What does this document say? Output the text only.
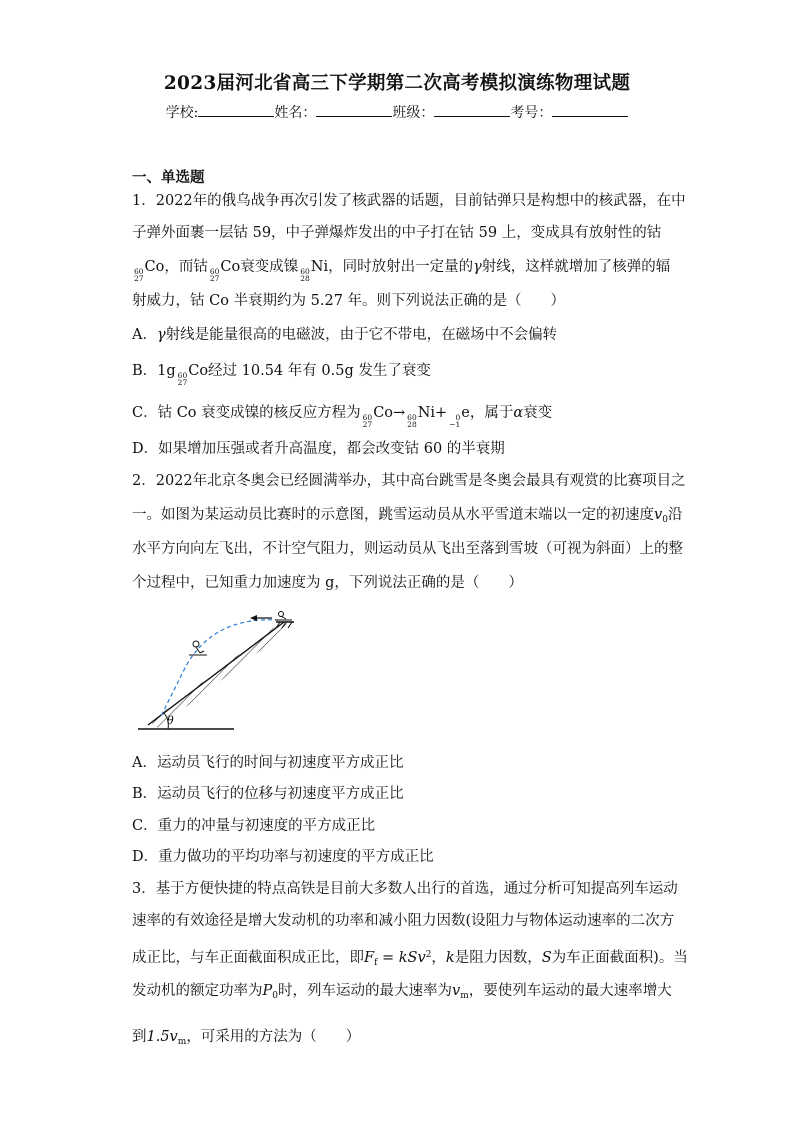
2023届河北省高三下学期第二次高考模拟演练物理试题
学校:	姓名：	班级：	考号：
一、单选题
1．2022年的俄乌战争再次引发了核武器的话题，目前钴弹只是构想中的核武器，在中
子弹外面裹一层钴 59，中子弹爆炸发出的中子打在钴 59 上，变成具有放射性的钴
60
27
Co，而钴 60
27
Co衰变成镍 60
28
Ni，同时放射出一定量的γ射线，这样就增加了核弹的辐
射威力，钴 Co 半衰期约为 5.27 年。则下列说法正确的是（　　）
A．γ射线是能量很高的电磁波，由于它不带电，在磁场中不会偏转
B．1g 60
27
Co经过 10.54 年有 0.5g 发生了衰变
C．钴 Co 衰变成镍的核反应方程为 60
27
Co→ 60
28
Ni+	0
−1
e，属于α衰变
D．如果增加压强或者升高温度，都会改变钴 60 的半衰期
2．2022年北京冬奥会已经圆满举办，其中高台跳雪是冬奥会最具有观赏的比赛项目之
一。如图为某运动员比赛时的示意图，跳雪运动员从水平雪道末端以一定的初速度$v_0$沿
水平方向向左飞出，不计空气阻力，则运动员从飞出至落到雪坡（可视为斜面）上的整
个过程中，已知重力加速度为 g，下列说法正确的是（　　）
θ
A．运动员飞行的时间与初速度平方成正比
B．运动员飞行的位移与初速度平方成正比
C．重力的冲量与初速度的平方成正比
D．重力做功的平均功率与初速度的平方成正比
3．基于方便快捷的特点高铁是目前大多数人出行的首选，通过分析可知提高列车运动
速率的有效途径是增大发动机的功率和减小阻力因数(设阻力与物体运动速率的二次方
成正比，与车正面截面积成正比，即$F_f = kSv^2$，k是阻力因数，S为车正面截面积)。当
发动机的额定功率为$P_0$时，列车运动的最大速率为$v_m$，要使列车运动的最大速率增大
到$1.5v_m$，可采用的方法为（　　）
